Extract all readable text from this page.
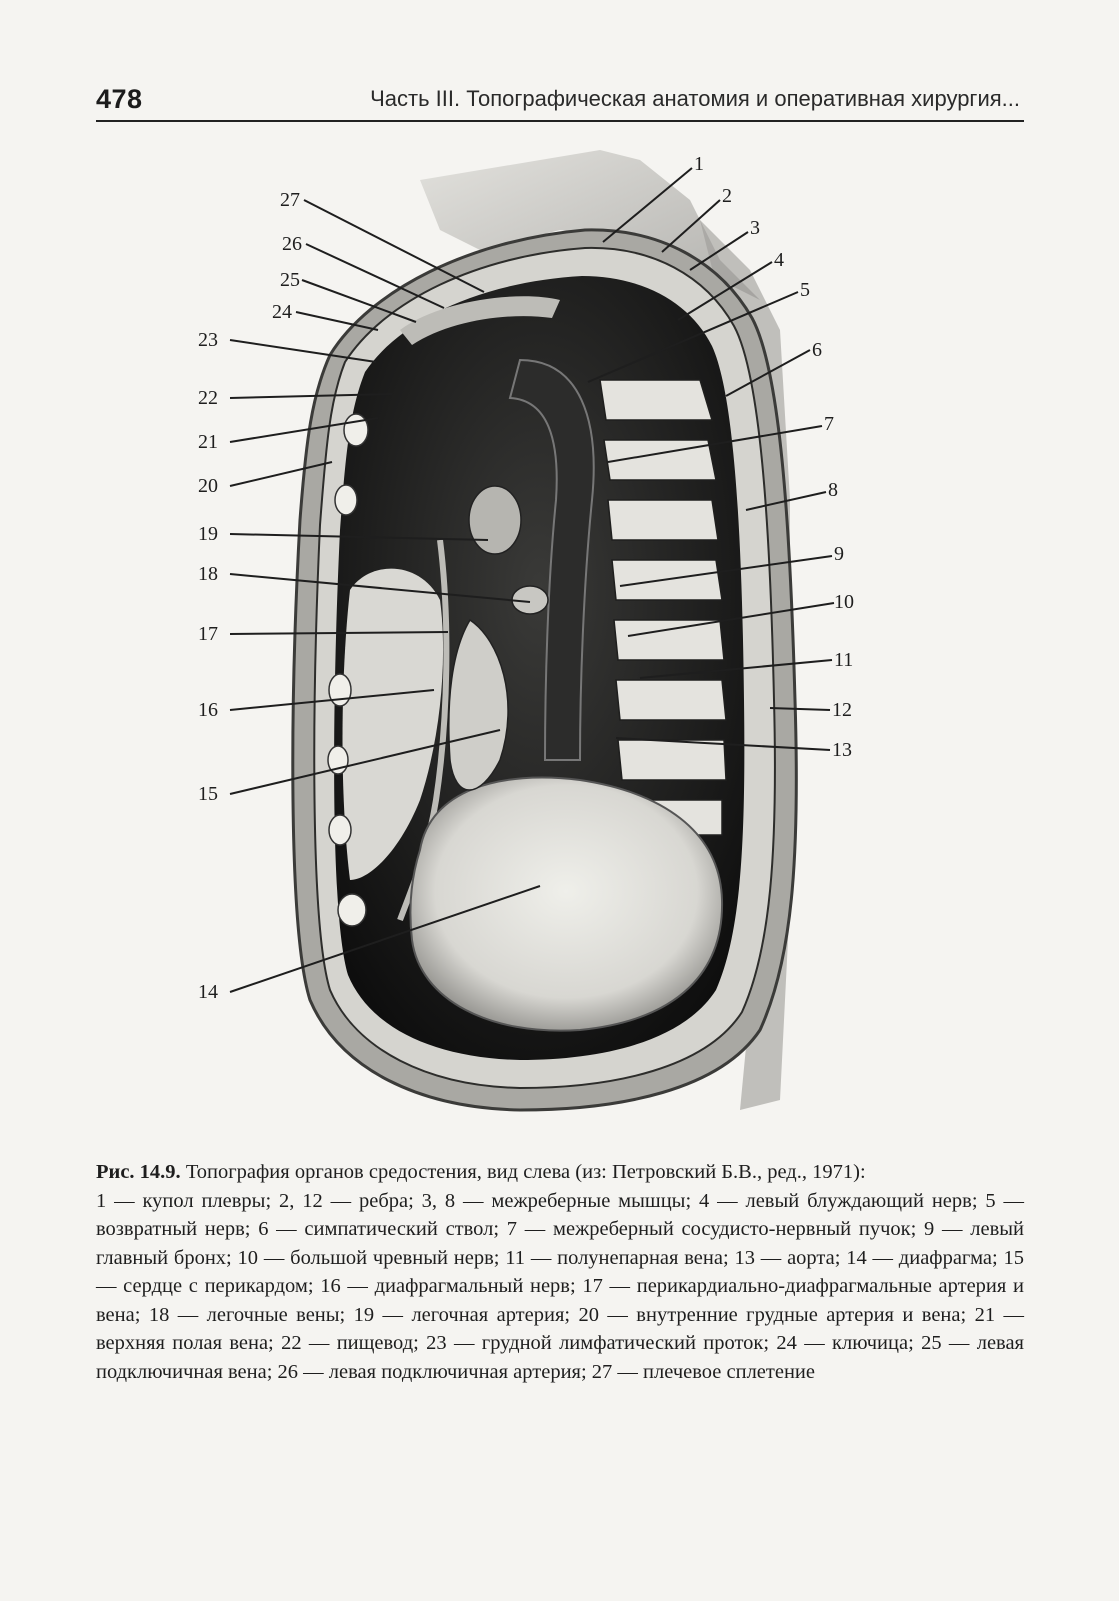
478	Часть III. Топографическая анатомия и оперативная хирургия...
1
2
3
4
5
6
7
8
9
10
11
12
13
14
15
16
17
18
19
20
21
22
23
24
25
26
27

Рис. 14.9. Топография органов средостения, вид слева (из: Петровский Б.В., ред., 1971):

1 — купол плевры; 2, 12 — ребра; 3, 8 — межреберные мышцы; 4 — левый блуждающий нерв; 5 — возвратный нерв; 6 — симпатический ствол; 7 — межреберный сосудисто-нервный пучок; 9 — левый главный бронх; 10 — большой чревный нерв; 11 — полунепарная вена; 13 — аорта; 14 — диафрагма; 15 — сердце с перикардом; 16 — диафрагмальный нерв; 17 — перикардиально-диафрагмальные артерия и вена; 18 — легочные вены; 19 — легочная артерия; 20 — внутренние грудные артерия и вена; 21 — верхняя полая вена; 22 — пищевод; 23 — грудной лимфатический проток; 24 — ключица; 25 — левая подключичная вена; 26 — левая подключичная артерия; 27 — плечевое сплетение
